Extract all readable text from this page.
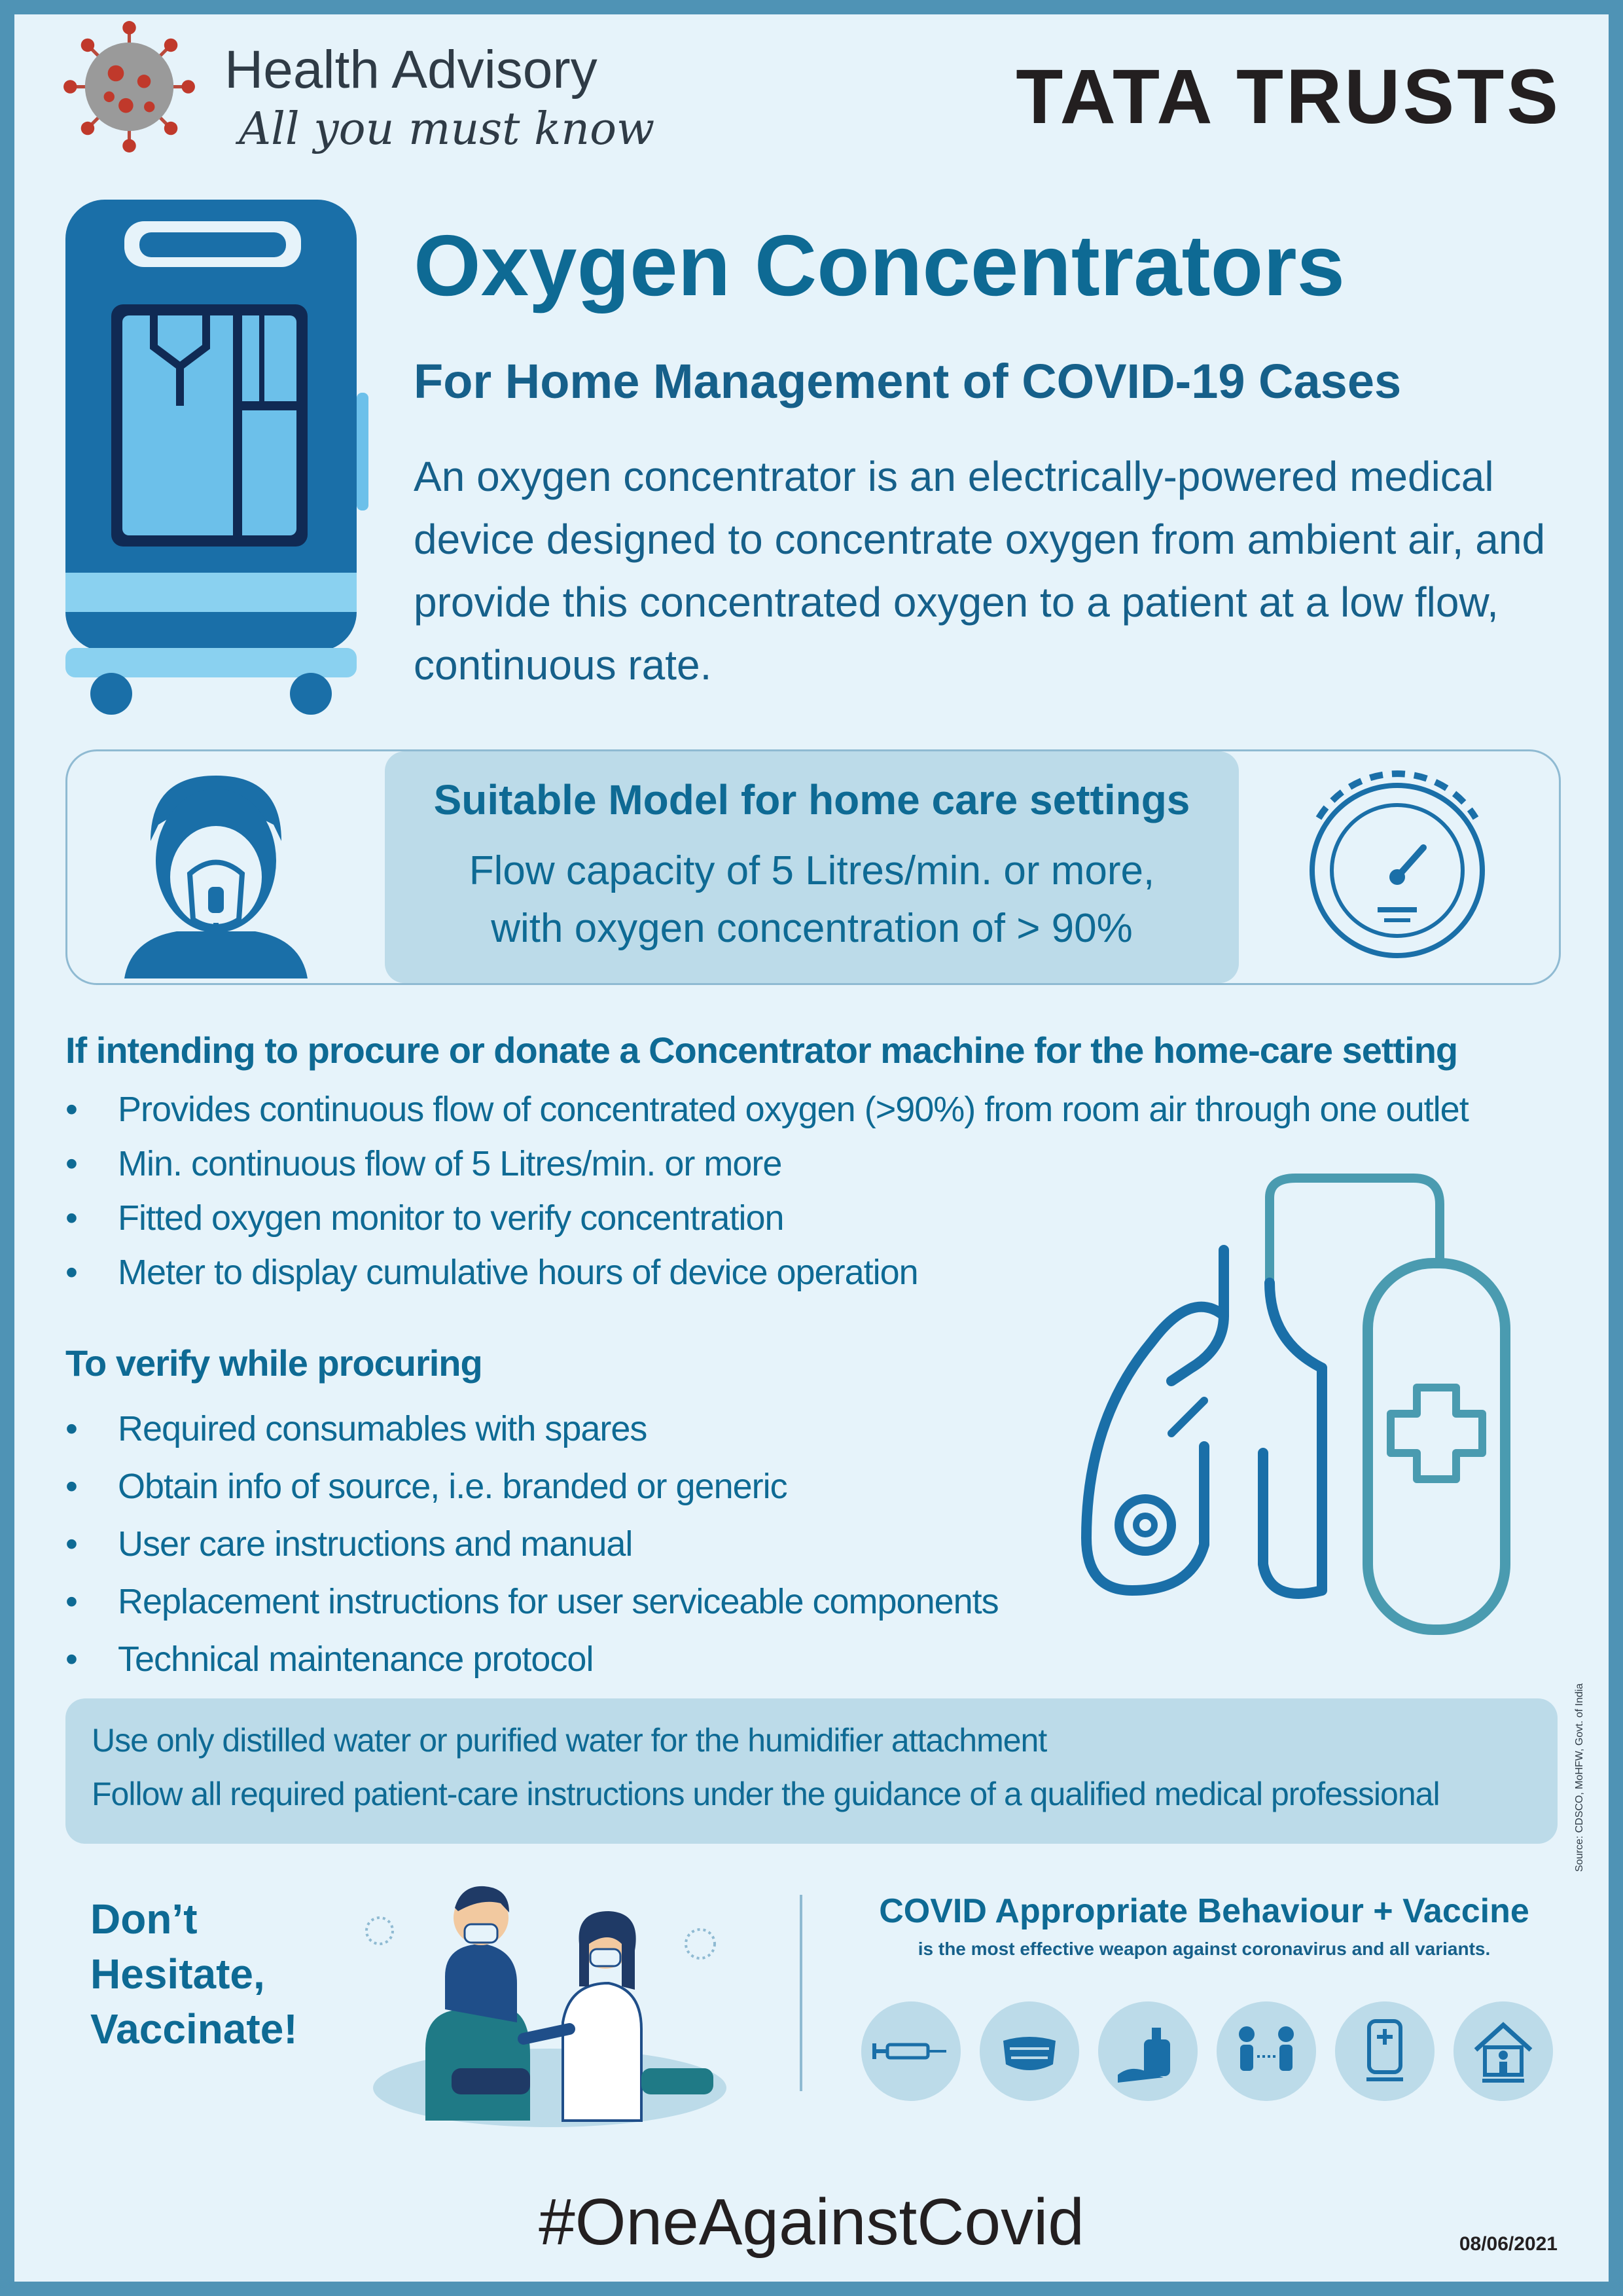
Health Advisory
All you must know	TATA TRUSTS
Oxygen Concentrators
For Home Management of COVID-19 Cases
An oxygen concentrator is an electrically-powered medical device designed to concentrate oxygen from ambient air, and provide this concentrated oxygen to a patient at a low flow, continuous rate.
Suitable Model for home care settings
Flow capacity of 5 Litres/min. or more,
with oxygen concentration of > 90%
If intending to procure or donate a Concentrator machine for the home-care setting
• Provides continuous flow of concentrated oxygen (>90%) from room air through one outlet
• Min. continuous flow of 5 Litres/min. or more
• Fitted oxygen monitor to verify concentration
• Meter to display cumulative hours of device operation
To verify while procuring
• Required consumables with spares
• Obtain info of source, i.e. branded or generic
• User care instructions and manual
• Replacement instructions for user serviceable components
• Technical maintenance protocol
Source: CDSCO, MoHFW, Govt. of India
Use only distilled water or purified water for the humidifier attachment
Follow all required patient-care instructions under the guidance of a qualified medical professional
Don’t
Hesitate,
Vaccinate!
COVID Appropriate Behaviour + Vaccine
is the most effective weapon against coronavirus and all variants.
#OneAgainstCovid	08/06/2021
